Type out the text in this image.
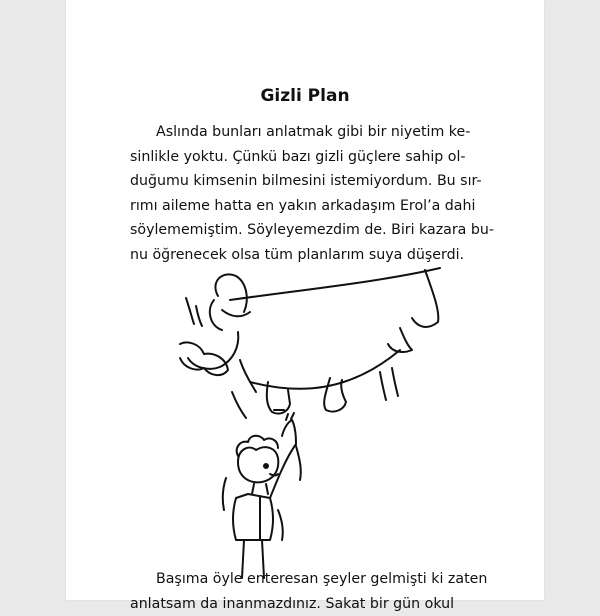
Gizli Plan

Aslında bunları anlatmak gibi bir niyetim ke-
sinlikle yoktu. Çünkü bazı gizli güçlere sahip ol-
duğumu kimsenin bilmesini istemiyordum. Bu sır-
rımı aileme hatta en yakın arkadaşım Erol’a dahi
söylememiştim. Söyleyemezdim de. Biri kazara bu-
nu öğrenecek olsa tüm planlarım suya düşerdi.

Başıma öyle enteresan şeyler gelmişti ki zaten
anlatsam da inanmazdınız. Sakat bir gün okul
